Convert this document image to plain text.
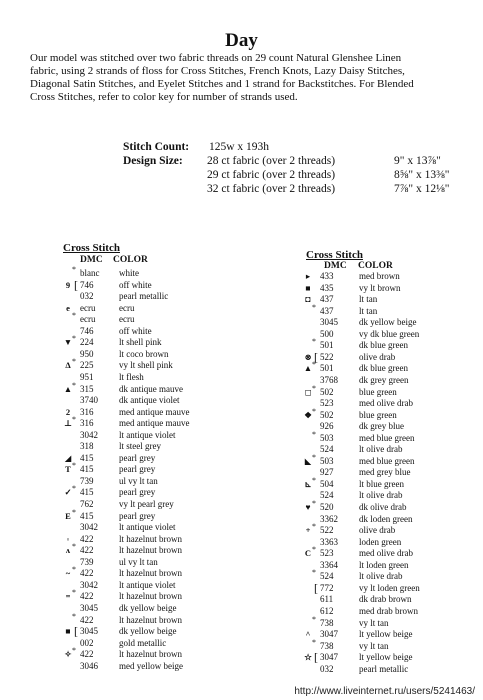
Day
Our model was stitched over two fabric threads on 29 count Natural Glenshee Linen
fabric, using 2 strands of floss for Cross Stitches, French Knots, Lazy Daisy Stitches,
Diagonal Satin Stitches, and Eyelet Stitches and 1 strand for Backstitches. For Blended
Cross Stitches, refer to color key for number of strands used.
Stitch Count: 125w x 193h
Design Size: 28 ct fabric (over 2 threads)	9" x 13⅞"
29 ct fabric (over 2 threads)	8⅝" x 13⅜"
32 ct fabric (over 2 threads)	7⅞" x 12⅛"
Cross Stitch
DMC COLOR	Cross Stitch
DMC COLOR
* blanc white
9 [ 746	off white
032	pearl metallic
e	ecru	ecru
* ecru	ecru
746	off white
▼ * 224	lt shell pink
950	lt coco brown
Δ * 225	vy lt shell pink
951	lt flesh
▲ * 315	dk antique mauve
3740 dk antique violet
2	316	med antique mauve
⊥ * 316	med antique mauve
3042 lt antique violet
318	lt steel grey
◢ 415	pearl grey
T * 415	pearl grey
739	ul vy lt tan
✓ * 415	pearl grey
762	vy lt pearl grey
E * 415	pearl grey
3042 lt antique violet
◦	422	lt hazelnut brown
ʌ * 422	lt hazelnut brown
739	ul vy lt tan
~ * 422	lt hazelnut brown
3042 lt antique violet
= * 422	lt hazelnut brown
3045 dk yellow beige
* 422	lt hazelnut brown
■ [ 3045 dk yellow beige
002	gold metallic
✧ * 422	lt hazelnut brown
3046 med yellow beige
▸	433	med brown
■ 435	vy lt brown
◘ 437	lt tan
* 437	lt tan
3045 dk yellow beige
500	vy dk blue green
* 501	dk blue green
⊗ [ 522	olive drab
▲ * 501	dk blue green
3768 dk grey green
◻ * 502	blue green
523	med olive drab
❖ * 502	blue green
926	dk grey blue
* 503	med blue green
524	lt olive drab
◣ * 503	med blue green
927	med grey blue
⊾ * 504	lt blue green
524	lt olive drab
♥ * 520	dk olive drab
3362 dk loden green
+ * 522	olive drab
3363 loden green
C * 523	med olive drab
3364 lt loden green
* 524	lt olive drab
[ 772	vy lt loden green
611	dk drab brown
612	med drab brown
* 738	vy lt tan
^ 3047 lt yellow beige
* 738	vy lt tan
☆ [ 3047 lt yellow beige
032	pearl metallic
http://www.liveinternet.ru/users/5241463/
